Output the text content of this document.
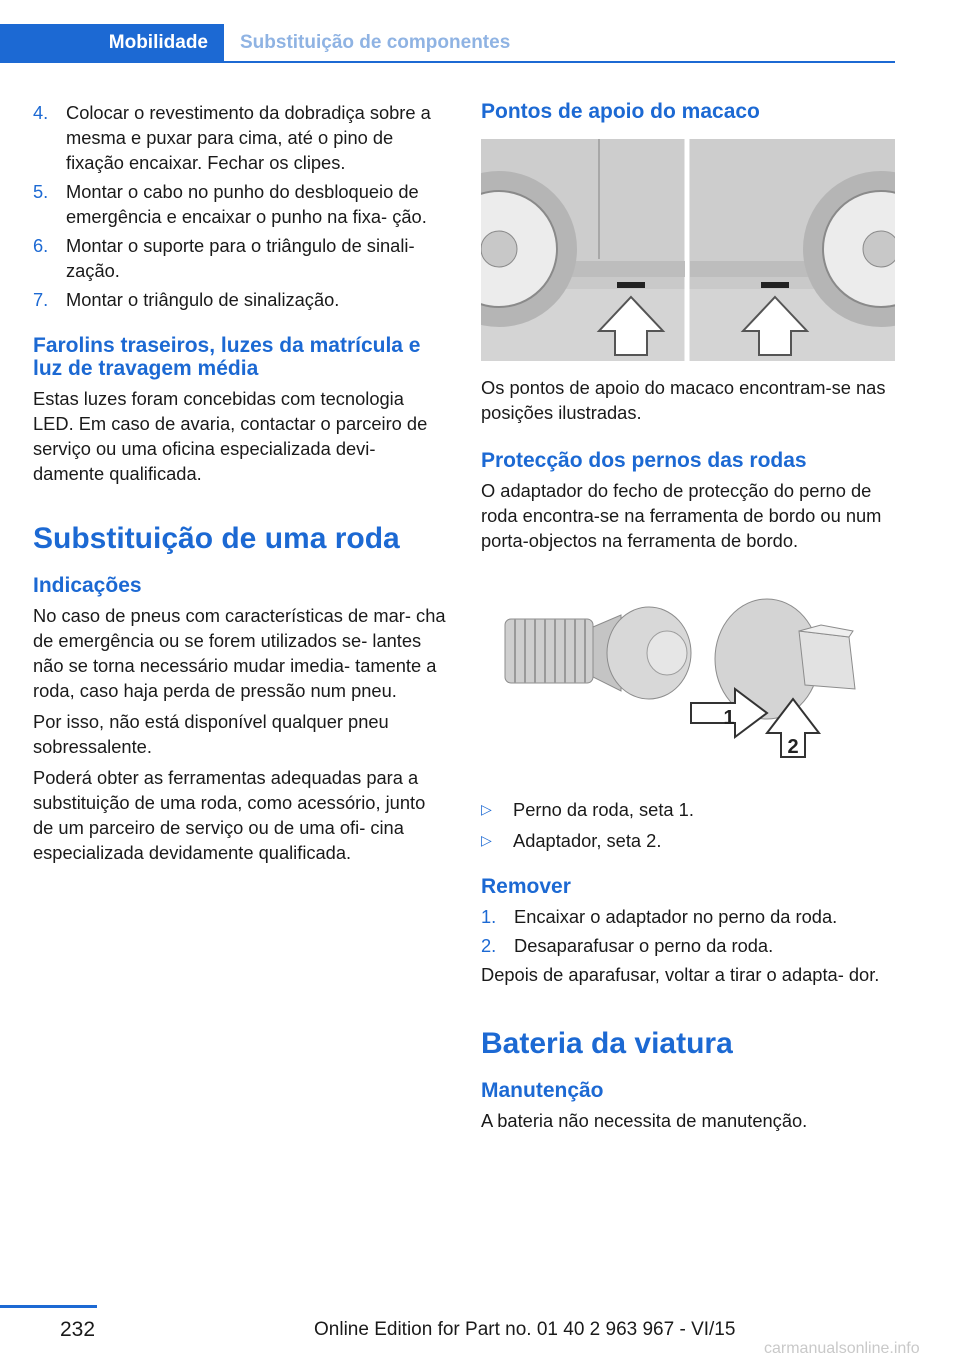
Mobilidade	Substituição de componentes
4. Colocar o revestimento da dobradiça sobre a mesma e puxar para cima, até o pino de fixação encaixar. Fechar os clipes.
5. Montar o cabo no punho do desbloqueio de emergência e encaixar o punho na fixa‐ ção.
6. Montar o suporte para o triângulo de sinali‐ zação.
7. Montar o triângulo de sinalização.
Farolins traseiros, luzes da matrícula e luz de travagem média

Estas luzes foram concebidas com tecnologia LED. Em caso de avaria, contactar o parceiro de serviço ou uma oficina especializada devi‐ damente qualificada.

Substituição de uma roda
Indicações

No caso de pneus com características de mar‐ cha de emergência ou se forem utilizados se‐ lantes não se torna necessário mudar imedia‐ tamente a roda, caso haja perda de pressão num pneu.

Por isso, não está disponível qualquer pneu sobressalente.

Poderá obter as ferramentas adequadas para a substituição de uma roda, como acessório, junto de um parceiro de serviço ou de uma ofi‐ cina especializada devidamente qualificada.

Pontos de apoio do macaco

Os pontos de apoio do macaco encontram-se nas posições ilustradas.

Protecção dos pernos das rodas

O adaptador do fecho de protecção do perno de roda encontra-se na ferramenta de bordo ou num porta-objectos na ferramenta de bordo.

1
2
▷	Perno da roda, seta 1.
▷	Adaptador, seta 2.
Remover
1. Encaixar o adaptador no perno da roda.
2. Desaparafusar o perno da roda.

Depois de aparafusar, voltar a tirar o adapta‐ dor.

Bateria da viatura
Manutenção

A bateria não necessita de manutenção.

232	Online Edition for Part no. 01 40 2 963 967 - VI/15
carmanualsonline.info
